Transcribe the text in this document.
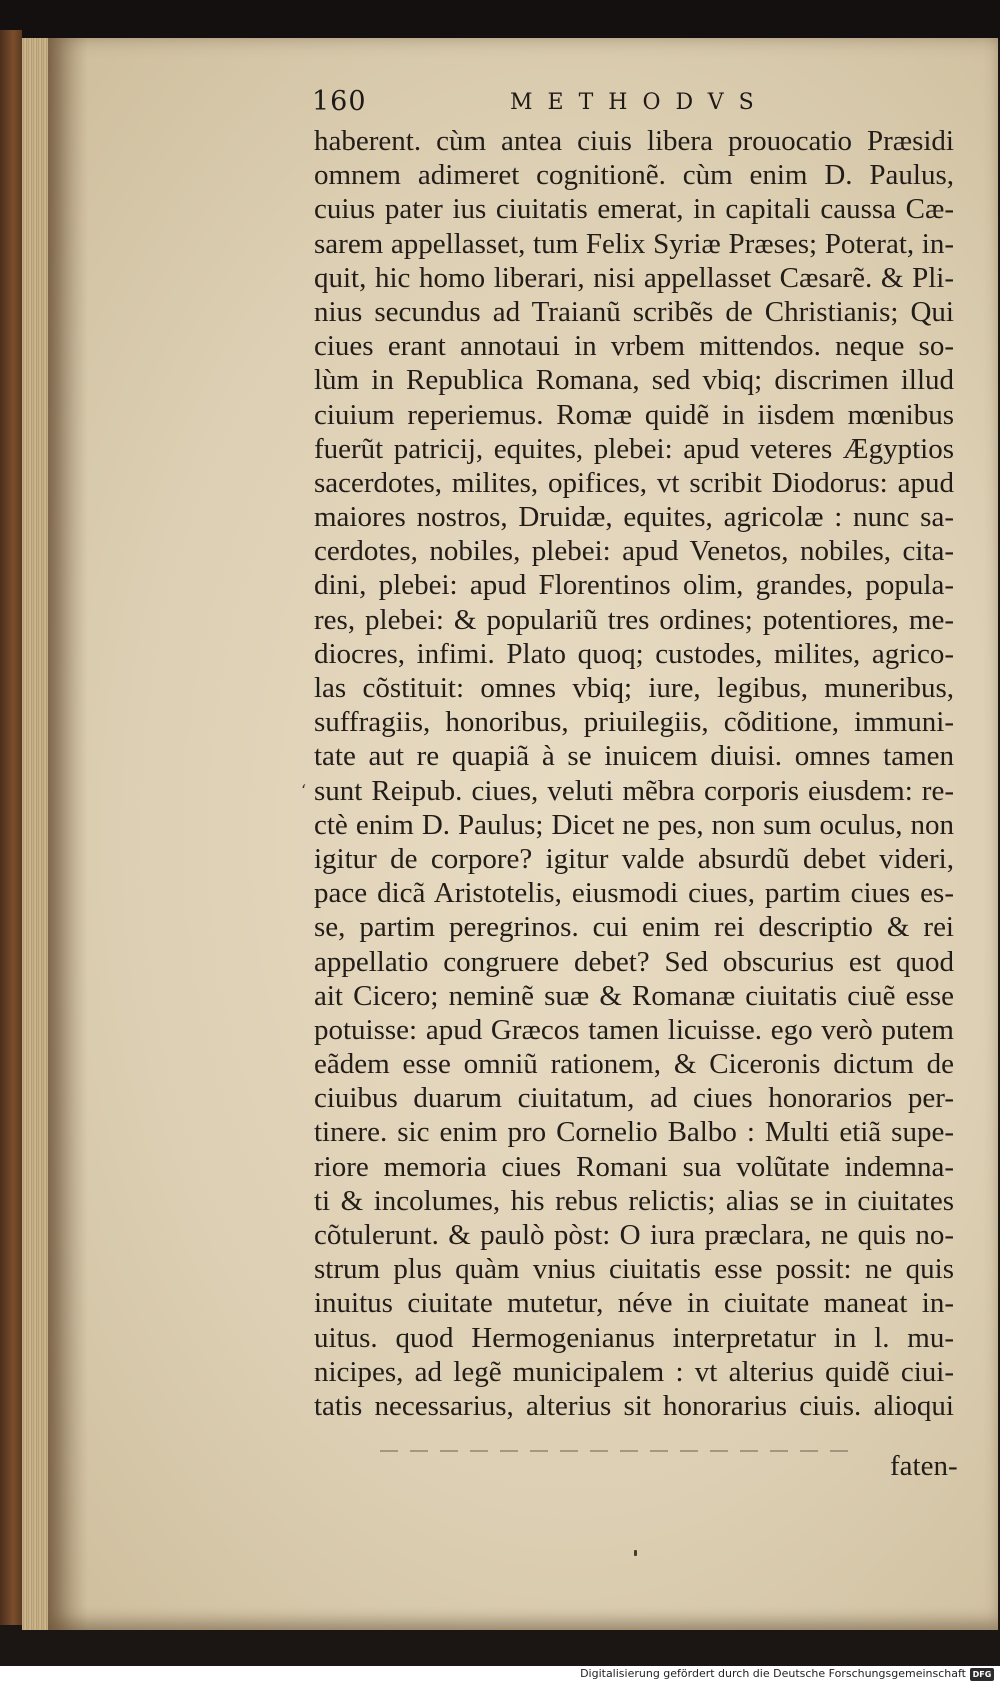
160	METHODVS
‘
haberent. cùm antea ciuis libera prouocatio Præsidi
omnem adimeret cognitionẽ. cùm enim D. Paulus,
cuius pater ius ciuitatis emerat, in capitali caussa Cæ-
sarem appellasset, tum Felix Syriæ Præses; Poterat, in-
quit, hic homo liberari, nisi appellasset Cæsarẽ. & Pli-
nius secundus ad Traianũ scribẽs de Christianis; Qui
ciues erant annotaui in vrbem mittendos. neque so-
lùm in Republica Romana, sed vbiq; discrimen illud
ciuium reperiemus. Romæ quidẽ in iisdem mœnibus
fuerũt patricij, equites, plebei: apud veteres Ægyptios
sacerdotes, milites, opifices, vt scribit Diodorus: apud
maiores nostros, Druidæ, equites, agricolæ : nunc sa-
cerdotes, nobiles, plebei: apud Venetos, nobiles, cita-
dini, plebei: apud Florentinos olim, grandes, popula-
res, plebei: & populariũ tres ordines; potentiores, me-
diocres, infimi. Plato quoq; custodes, milites, agrico-
las cõstituit: omnes vbiq; iure, legibus, muneribus,
suffragiis, honoribus, priuilegiis, cõditione, immuni-
tate aut re quapiã à se inuicem diuisi. omnes tamen
sunt Reipub. ciues, veluti mẽbra corporis eiusdem: re-
ctè enim D. Paulus; Dicet ne pes, non sum oculus, non
igitur de corpore? igitur valde absurdũ debet videri,
pace dicã Aristotelis, eiusmodi ciues, partim ciues es-
se, partim peregrinos. cui enim rei descriptio & rei
appellatio congruere debet? Sed obscurius est quod
ait Cicero; neminẽ suæ & Romanæ ciuitatis ciuẽ esse
potuisse: apud Græcos tamen licuisse. ego verò putem
eãdem esse omniũ rationem, & Ciceronis dictum de
ciuibus duarum ciuitatum, ad ciues honorarios per-
tinere. sic enim pro Cornelio Balbo : Multi etiã supe-
riore memoria ciues Romani sua volũtate indemna-
ti & incolumes, his rebus relictis; alias se in ciuitates
cõtulerunt. & paulò pòst: O iura præclara, ne quis no-
strum plus quàm vnius ciuitatis esse possit: ne quis
inuitus ciuitate mutetur, néve in ciuitate maneat in-
uitus. quod Hermogenianus interpretatur in l. mu-
nicipes, ad legẽ municipalem : vt alterius quidẽ ciui-
tatis necessarius, alterius sit honorarius ciuis. alioqui
faten-
Digitalisierung gefördert durch die Deutsche Forschungsgemeinschaft DFG
